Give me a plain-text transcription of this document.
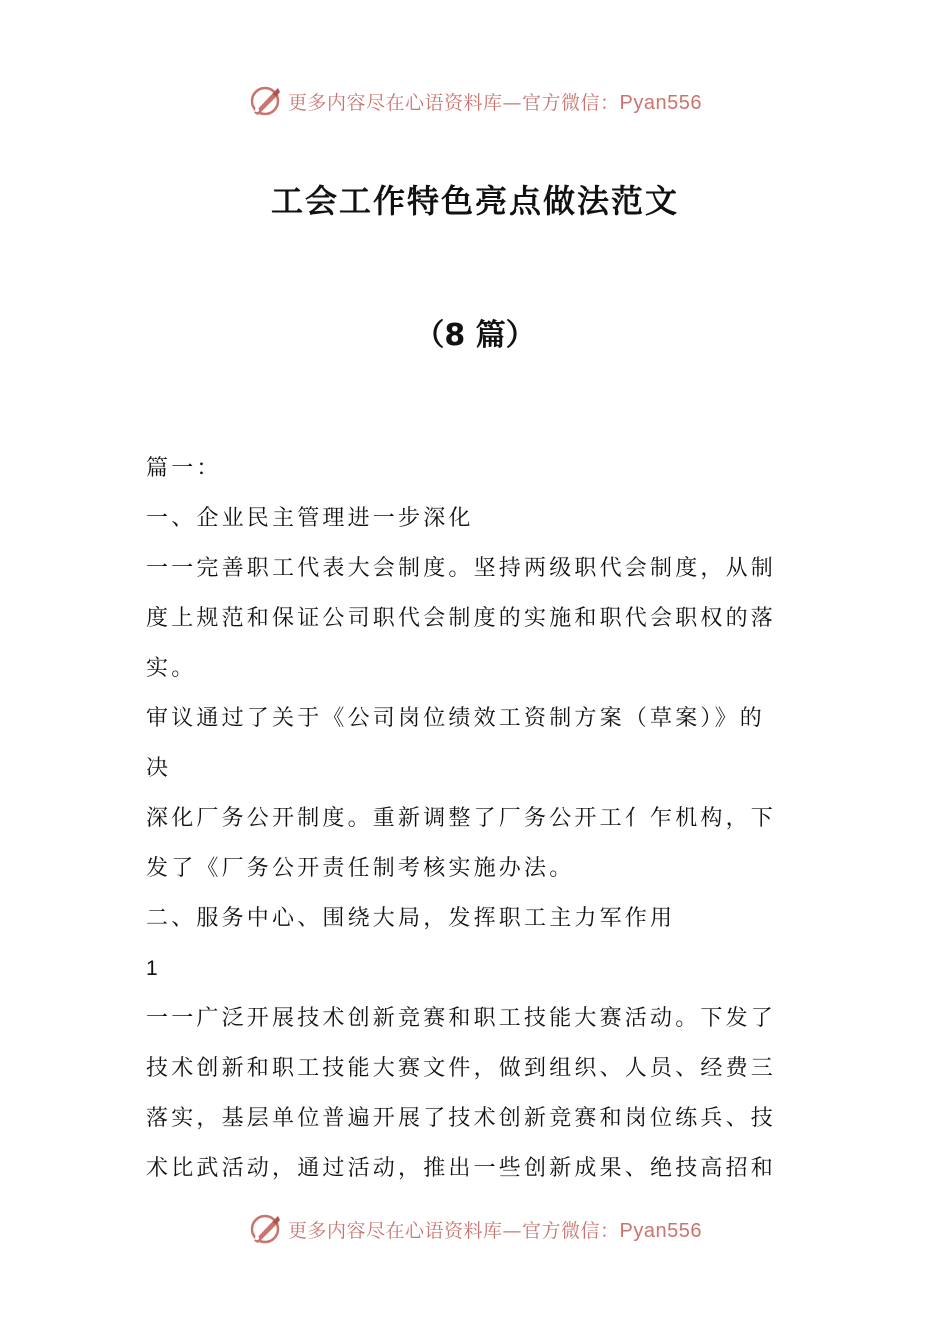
更多内容尽在心语资料库—官方微信：Pyan556
工会工作特色亮点做法范文
（8 篇）
篇一：
一、企业民主管理进一步深化
一一完善职工代表大会制度。坚持两级职代会制度，从制
度上规范和保证公司职代会制度的实施和职代会职权的落
实。
审议通过了关于《公司岗位绩效工资制方案（草案）》的
决
深化厂务公开制度。重新调整了厂务公开工亻乍机构，下
发了《厂务公开责任制考核实施办法。
二、服务中心、围绕大局，发挥职工主力军作用
1
一一广泛开展技术创新竞赛和职工技能大赛活动。下发了
技术创新和职工技能大赛文件，做到组织、人员、经费三
落实，基层单位普遍开展了技术创新竞赛和岗位练兵、技
术比武活动，通过活动，推出一些创新成果、绝技高招和
更多内容尽在心语资料库—官方微信：Pyan556
